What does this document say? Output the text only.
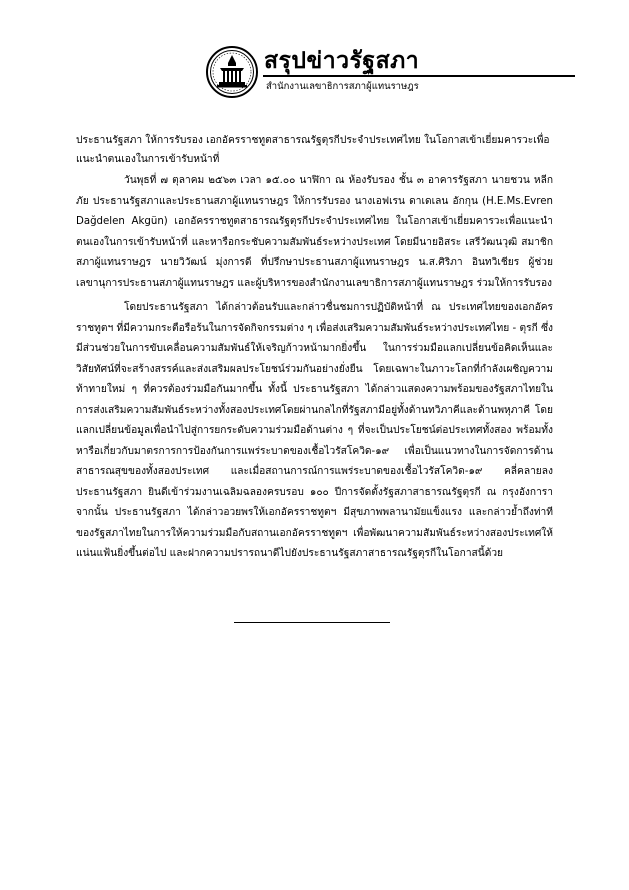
สรุปข่าวรัฐสภา
สำนักงานเลขาธิการสภาผู้แทนราษฎร

ประธานรัฐสภา ให้การรับรอง เอกอัครราชทูตสาธารณรัฐตุรกีประจำประเทศไทย ในโอกาสเข้าเยี่ยมคารวะเพื่อแนะนำตนเองในการเข้ารับหน้าที่

วันพุธที่ ๗ ตุลาคม ๒๕๖๓ เวลา ๑๕.๐๐ นาฬิกา ณ ห้องรับรอง ชั้น ๓ อาคารรัฐสภา นายชวน หลีกภัย ประธานรัฐสภาและประธานสภาผู้แทนราษฎร ให้การรับรอง นางเอฟเรน ดาเดเลน อักกุน (H.E.Ms.Evren Dağdelen Akgün) เอกอัครราชทูตสาธารณรัฐตุรกีประจำประเทศไทย ในโอกาสเข้าเยี่ยมคารวะเพื่อแนะนำตนเองในการเข้ารับหน้าที่ และหารือกระชับความสัมพันธ์ระหว่างประเทศ โดยมีนายอิสระ เสรีวัฒนวุฒิ สมาชิกสภาผู้แทนราษฎร นายวิวัฒน์ มุ่งการดี ที่ปรึกษาประธานสภาผู้แทนราษฎร น.ส.ศิริภา อินทวิเชียร ผู้ช่วยเลขานุการประธานสภาผู้แทนราษฎร และผู้บริหารของสำนักงานเลขาธิการสภาผู้แทนราษฎร ร่วมให้การรับรอง

โดยประธานรัฐสภา ได้กล่าวต้อนรับและกล่าวชื่นชมการปฏิบัติหน้าที่ ณ ประเทศไทยของเอกอัครราชทูตฯ ที่มีความกระตือรือร้นในการจัดกิจกรรมต่าง ๆ เพื่อส่งเสริมความสัมพันธ์ระหว่างประเทศไทย - ตุรกี ซึ่งมีส่วนช่วยในการขับเคลื่อนความสัมพันธ์ให้เจริญก้าวหน้ามากยิ่งขึ้น ในการร่วมมือแลกเปลี่ยนข้อคิดเห็นและวิสัยทัศน์ที่จะสร้างสรรค์และส่งเสริมผลประโยชน์ร่วมกันอย่างยั่งยืน โดยเฉพาะในภาวะโลกที่กำลังเผชิญความท้าทายใหม่ ๆ ที่ควรต้องร่วมมือกันมากขึ้น ทั้งนี้ ประธานรัฐสภา ได้กล่าวแสดงความพร้อมของรัฐสภาไทยในการส่งเสริมความสัมพันธ์ระหว่างทั้งสองประเทศโดยผ่านกลไกที่รัฐสภามีอยู่ทั้งด้านทวิภาคีและด้านพหุภาคี โดยแลกเปลี่ยนข้อมูลเพื่อนำไปสู่การยกระดับความร่วมมือด้านต่าง ๆ ที่จะเป็นประโยชน์ต่อประเทศทั้งสอง พร้อมทั้งหารือเกี่ยวกับมาตรการการป้องกันการแพร่ระบาดของเชื้อไวรัสโควิด-๑๙ เพื่อเป็นแนวทางในการจัดการด้านสาธารณสุขของทั้งสองประเทศ และเมื่อสถานการณ์การแพร่ระบาดของเชื้อไวรัสโควิด-๑๙ คลี่คลายลง ประธานรัฐสภา ยินดีเข้าร่วมงานเฉลิมฉลองครบรอบ ๑๐๐ ปีการจัดตั้งรัฐสภาสาธารณรัฐตุรกี ณ กรุงอังการา จากนั้น ประธานรัฐสภา ได้กล่าวอวยพรให้เอกอัครราชทูตฯ มีสุขภาพพลานามัยแข็งแรง และกล่าวย้ำถึงท่าทีของรัฐสภาไทยในการให้ความร่วมมือกับสถานเอกอัครราชทูตฯ เพื่อพัฒนาความสัมพันธ์ระหว่างสองประเทศให้แน่นแฟ้นยิ่งขึ้นต่อไป และฝากความปรารถนาดีไปยังประธานรัฐสภาสาธารณรัฐตุรกีในโอกาสนี้ด้วย
